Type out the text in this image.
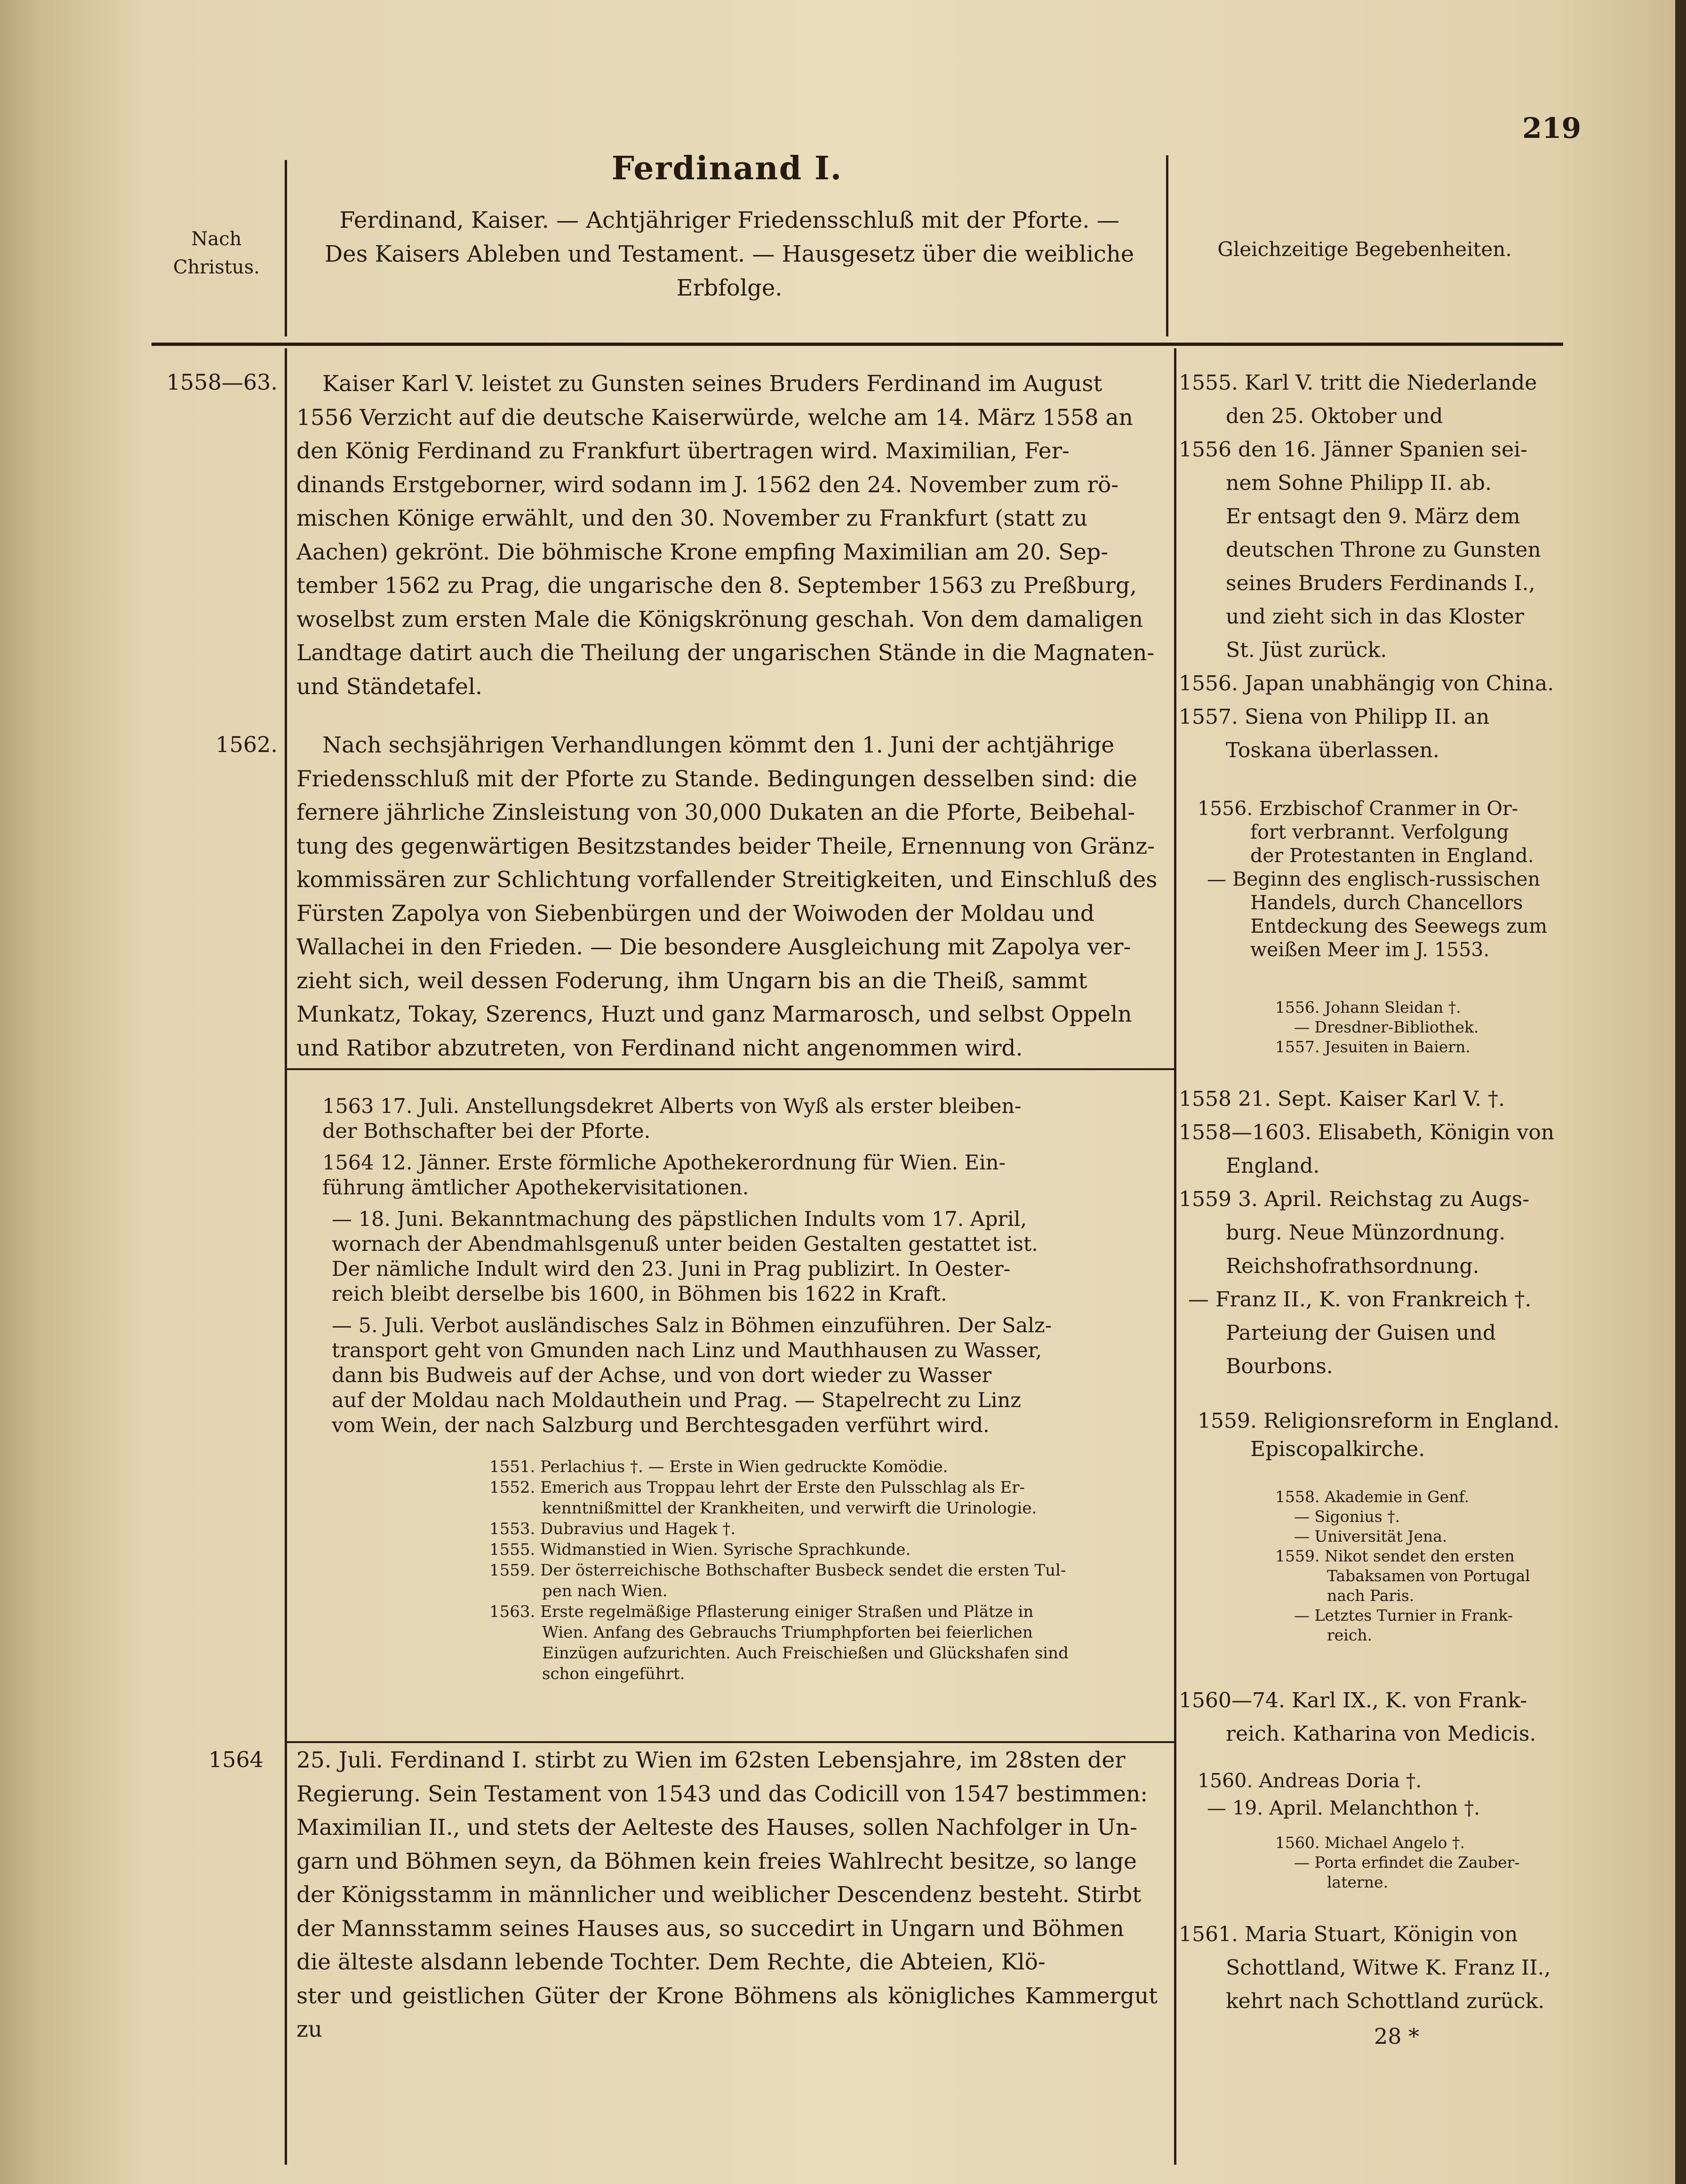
219
Nach
Christus.
Ferdinand I.
Ferdinand, Kaiser. — Achtjähriger Friedensschluß mit der Pforte. —
Des Kaisers Ableben und Testament. — Hausgesetz über die weibliche
Erbfolge.
Gleichzeitige Begebenheiten.
1558—63.	Kaiser Karl V. leistet zu Gunsten seines Bruders Ferdinand im August
1556 Verzicht auf die deutsche Kaiserwürde, welche am 14. März 1558 an
den König Ferdinand zu Frankfurt übertragen wird. Maximilian, Fer-
dinands Erstgeborner, wird sodann im J. 1562 den 24. November zum rö-
mischen Könige erwählt, und den 30. November zu Frankfurt (statt zu
Aachen) gekrönt. Die böhmische Krone empfing Maximilian am 20. Sep-
tember 1562 zu Prag, die ungarische den 8. September 1563 zu Preßburg,
woselbst zum ersten Male die Königskrönung geschah. Von dem damaligen
Landtage datirt auch die Theilung der ungarischen Stände in die Magnaten-
und Ständetafel.
1562.	Nach sechsjährigen Verhandlungen kömmt den 1. Juni der achtjährige
Friedensschluß mit der Pforte zu Stande. Bedingungen desselben sind: die
fernere jährliche Zinsleistung von 30,000 Dukaten an die Pforte, Beibehal-
tung des gegenwärtigen Besitzstandes beider Theile, Ernennung von Gränz-
kommissären zur Schlichtung vorfallender Streitigkeiten, und Einschluß des
Fürsten Zapolya von Siebenbürgen und der Woiwoden der Moldau und
Wallachei in den Frieden. — Die besondere Ausgleichung mit Zapolya ver-
zieht sich, weil dessen Foderung, ihm Ungarn bis an die Theiß, sammt
Munkatz, Tokay, Szerencs, Huzt und ganz Marmarosch, und selbst Oppeln
und Ratibor abzutreten, von Ferdinand nicht angenommen wird.
1563 17. Juli. Anstellungsdekret Alberts von Wyß als erster bleiben-
der Bothschafter bei der Pforte.
1564 12. Jänner. Erste förmliche Apothekerordnung für Wien. Ein-
führung ämtlicher Apothekervisitationen.
— 18. Juni. Bekanntmachung des päpstlichen Indults vom 17. April,
wornach der Abendmahlsgenuß unter beiden Gestalten gestattet ist.
Der nämliche Indult wird den 23. Juni in Prag publizirt. In Oester-
reich bleibt derselbe bis 1600, in Böhmen bis 1622 in Kraft.
— 5. Juli. Verbot ausländisches Salz in Böhmen einzuführen. Der Salz-
transport geht von Gmunden nach Linz und Mauthhausen zu Wasser,
dann bis Budweis auf der Achse, und von dort wieder zu Wasser
auf der Moldau nach Moldauthein und Prag. — Stapelrecht zu Linz
vom Wein, der nach Salzburg und Berchtesgaden verführt wird.
1551. Perlachius †. — Erste in Wien gedruckte Komödie.
1552. Emerich aus Troppau lehrt der Erste den Pulsschlag als Er-
kenntnißmittel der Krankheiten, und verwirft die Urinologie.
1553. Dubravius und Hagek †.
1555. Widmanstied in Wien. Syrische Sprachkunde.
1559. Der österreichische Bothschafter Busbeck sendet die ersten Tul-
pen nach Wien.
1563. Erste regelmäßige Pflasterung einiger Straßen und Plätze in
Wien. Anfang des Gebrauchs Triumphpforten bei feierlichen
Einzügen aufzurichten. Auch Freischießen und Glückshafen sind
schon eingeführt.
1564 25. Juli. Ferdinand I. stirbt zu Wien im 62sten Lebensjahre, im 28sten der
Regierung. Sein Testament von 1543 und das Codicill von 1547 bestimmen:
Maximilian II., und stets der Aelteste des Hauses, sollen Nachfolger in Un-
garn und Böhmen seyn, da Böhmen kein freies Wahlrecht besitze, so lange
der Königsstamm in männlicher und weiblicher Descendenz besteht. Stirbt
der Mannsstamm seines Hauses aus, so succedirt in Ungarn und Böhmen
die älteste alsdann lebende Tochter. Dem Rechte, die Abteien, Klö-
ster und geistlichen Güter der Krone Böhmens als königliches Kammergut zu
1555. Karl V. tritt die Niederlande
den 25. Oktober und
1556 den 16. Jänner Spanien sei-
nem Sohne Philipp II. ab.
Er entsagt den 9. März dem
deutschen Throne zu Gunsten
seines Bruders Ferdinands I.,
und zieht sich in das Kloster
St. Jüst zurück.
1556. Japan unabhängig von China.
1557. Siena von Philipp II. an
Toskana überlassen.
1556. Erzbischof Cranmer in Or-
fort verbrannt. Verfolgung
der Protestanten in England.
— Beginn des englisch-russischen
Handels, durch Chancellors
Entdeckung des Seewegs zum
weißen Meer im J. 1553.
1556. Johann Sleidan †.
— Dresdner-Bibliothek.
1557. Jesuiten in Baiern.
1558 21. Sept. Kaiser Karl V. †.
1558—1603. Elisabeth, Königin von
England.
1559 3. April. Reichstag zu Augs-
burg. Neue Münzordnung.
Reichshofrathsordnung.
— Franz II., K. von Frankreich †.
Parteiung der Guisen und
Bourbons.
1559. Religionsreform in England.
Episcopalkirche.
1558. Akademie in Genf.
— Sigonius †.
— Universität Jena.
1559. Nikot sendet den ersten
Tabaksamen von Portugal
nach Paris.
— Letztes Turnier in Frank-
reich.
1560—74. Karl IX., K. von Frank-
reich. Katharina von Medicis.
1560. Andreas Doria †.
— 19. April. Melanchthon †.
1560. Michael Angelo †.
— Porta erfindet die Zauber-
laterne.
1561. Maria Stuart, Königin von
Schottland, Witwe K. Franz II.,
kehrt nach Schottland zurück.
28 *
